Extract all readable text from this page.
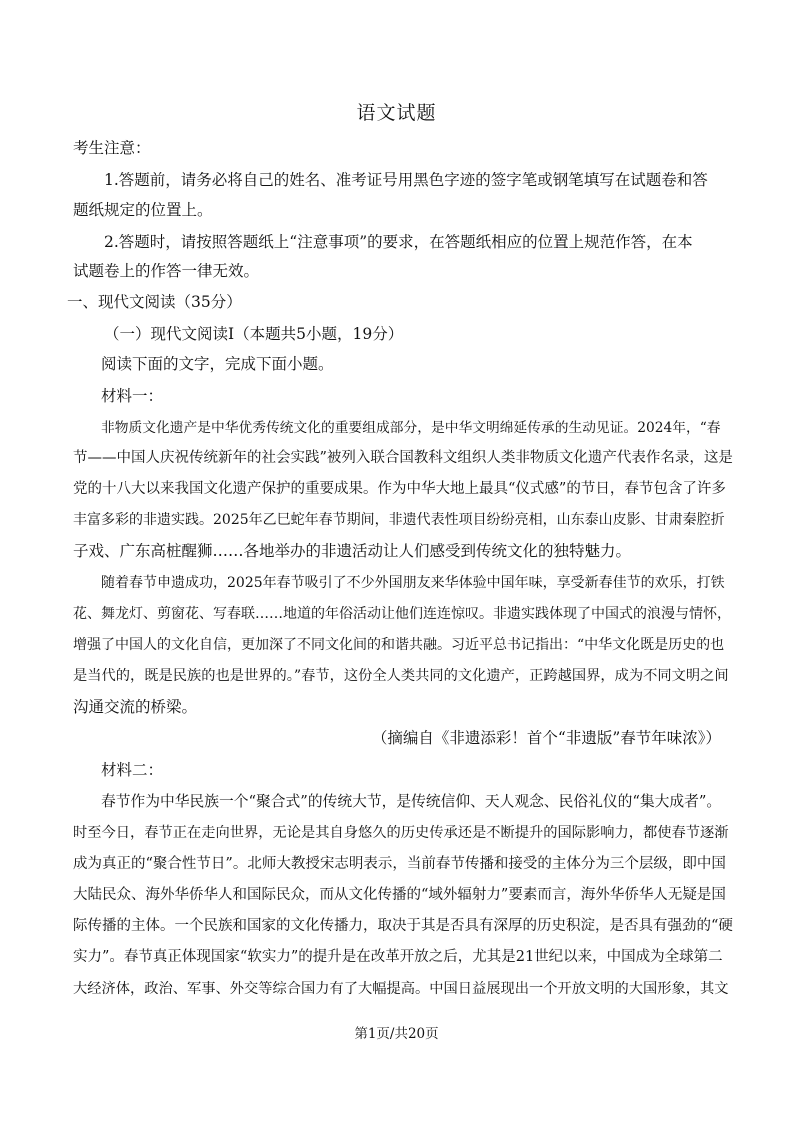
语文试题
考生注意：
1.答题前，请务必将自己的姓名、准考证号用黑色字迹的签字笔或钢笔填写在试题卷和答
题纸规定的位置上。
2.答题时，请按照答题纸上“注意事项”的要求，在答题纸相应的位置上规范作答，在本
试题卷上的作答一律无效。
一、现代文阅读（35分）
（一）现代文阅读Ⅰ（本题共5小题，19分）
阅读下面的文字，完成下面小题。
材料一：
非物质文化遗产是中华优秀传统文化的重要组成部分，是中华文明绵延传承的生动见证。2024年，“春
节——中国人庆祝传统新年的社会实践”被列入联合国教科文组织人类非物质文化遗产代表作名录，这是
党的十八大以来我国文化遗产保护的重要成果。作为中华大地上最具“仪式感”的节日，春节包含了许多
丰富多彩的非遗实践。2025年乙巳蛇年春节期间，非遗代表性项目纷纷亮相，山东泰山皮影、甘肃秦腔折
子戏、广东高桩醒狮……各地举办的非遗活动让人们感受到传统文化的独特魅力。
随着春节申遗成功，2025年春节吸引了不少外国朋友来华体验中国年味，享受新春佳节的欢乐，打铁
花、舞龙灯、剪窗花、写春联……地道的年俗活动让他们连连惊叹。非遗实践体现了中国式的浪漫与情怀，
增强了中国人的文化自信，更加深了不同文化间的和谐共融。习近平总书记指出：“中华文化既是历史的也
是当代的，既是民族的也是世界的。”春节，这份全人类共同的文化遗产，正跨越国界，成为不同文明之间
沟通交流的桥梁。
（摘编自《非遗添彩！首个“非遗版”春节年味浓》）
材料二：
春节作为中华民族一个“聚合式”的传统大节，是传统信仰、天人观念、民俗礼仪的“集大成者”。
时至今日，春节正在走向世界，无论是其自身悠久的历史传承还是不断提升的国际影响力，都使春节逐渐
成为真正的“聚合性节日”。北师大教授宋志明表示，当前春节传播和接受的主体分为三个层级，即中国
大陆民众、海外华侨华人和国际民众，而从文化传播的“域外辐射力”要素而言，海外华侨华人无疑是国
际传播的主体。一个民族和国家的文化传播力，取决于其是否具有深厚的历史积淀，是否具有强劲的“硬
实力”。春节真正体现国家“软实力”的提升是在改革开放之后，尤其是21世纪以来，中国成为全球第二
大经济体，政治、军事、外交等综合国力有了大幅提高。中国日益展现出一个开放文明的大国形象，其文
第1页/共20页
